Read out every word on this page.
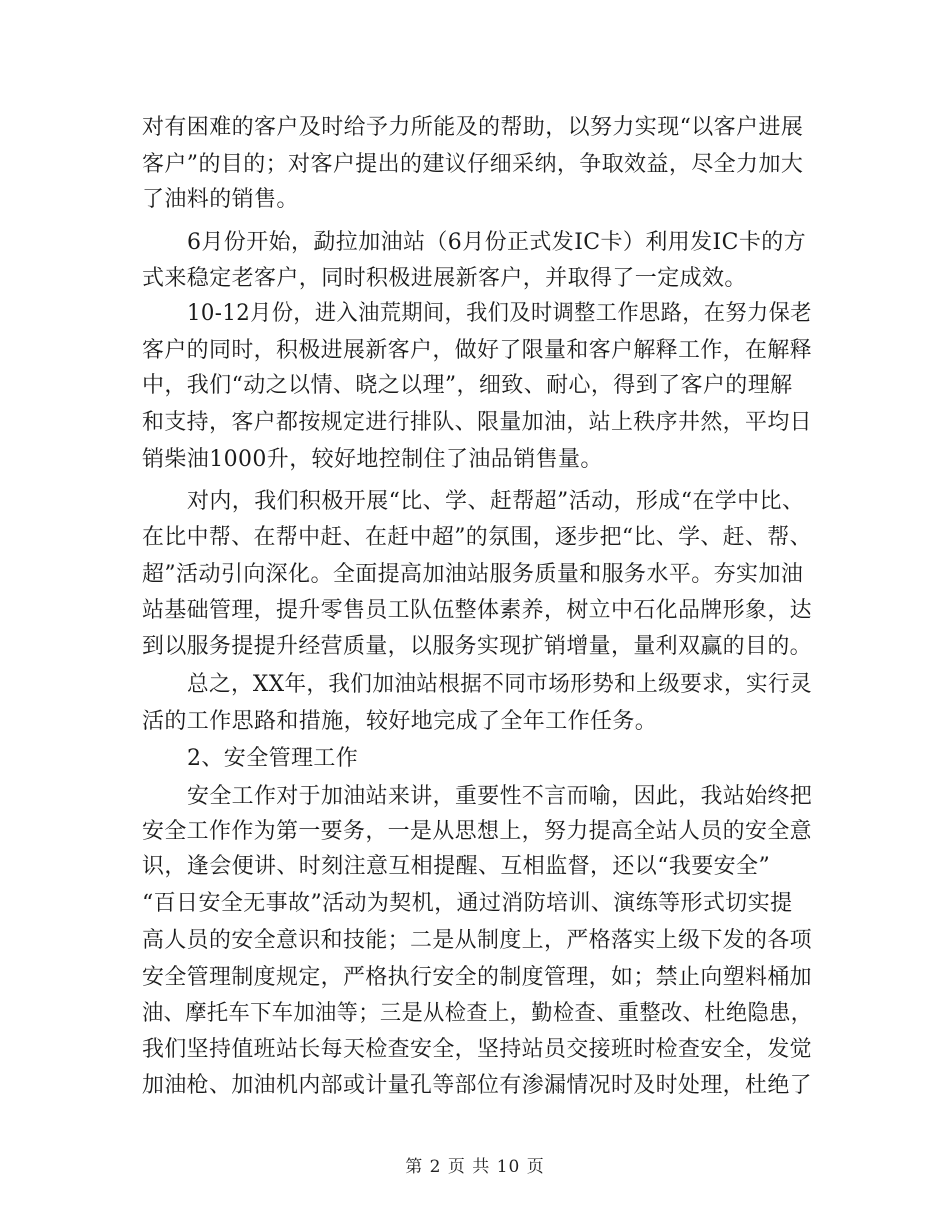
对有困难的客户及时给予力所能及的帮助，以努力实现“以客户进展
客户”的目的；对客户提出的建议仔细采纳，争取效益，尽全力加大
了油料的销售。
6月份开始，勐拉加油站（6月份正式发IC卡）利用发IC卡的方
式来稳定老客户，同时积极进展新客户，并取得了一定成效。
10-12月份，进入油荒期间，我们及时调整工作思路，在努力保老
客户的同时，积极进展新客户，做好了限量和客户解释工作，在解释
中，我们“动之以情、晓之以理”，细致、耐心，得到了客户的理解
和支持，客户都按规定进行排队、限量加油，站上秩序井然，平均日
销柴油1000升，较好地控制住了油品销售量。
对内，我们积极开展“比、学、赶帮超”活动，形成“在学中比、
在比中帮、在帮中赶、在赶中超”的氛围，逐步把“比、学、赶、帮、
超”活动引向深化。全面提高加油站服务质量和服务水平。夯实加油
站基础管理，提升零售员工队伍整体素养，树立中石化品牌形象，达
到以服务提提升经营质量，以服务实现扩销增量，量利双赢的目的。
总之，XX年，我们加油站根据不同市场形势和上级要求，实行灵
活的工作思路和措施，较好地完成了全年工作任务。
2、安全管理工作
安全工作对于加油站来讲，重要性不言而喻，因此，我站始终把
安全工作作为第一要务，一是从思想上，努力提高全站人员的安全意
识，逢会便讲、时刻注意互相提醒、互相监督，还以“我要安全”
“百日安全无事故”活动为契机，通过消防培训、演练等形式切实提
高人员的安全意识和技能；二是从制度上，严格落实上级下发的各项
安全管理制度规定，严格执行安全的制度管理，如；禁止向塑料桶加
油、摩托车下车加油等；三是从检查上，勤检查、重整改、杜绝隐患，
我们坚持值班站长每天检查安全，坚持站员交接班时检查安全，发觉
加油枪、加油机内部或计量孔等部位有渗漏情况时及时处理，杜绝了
第 2 页 共 10 页
